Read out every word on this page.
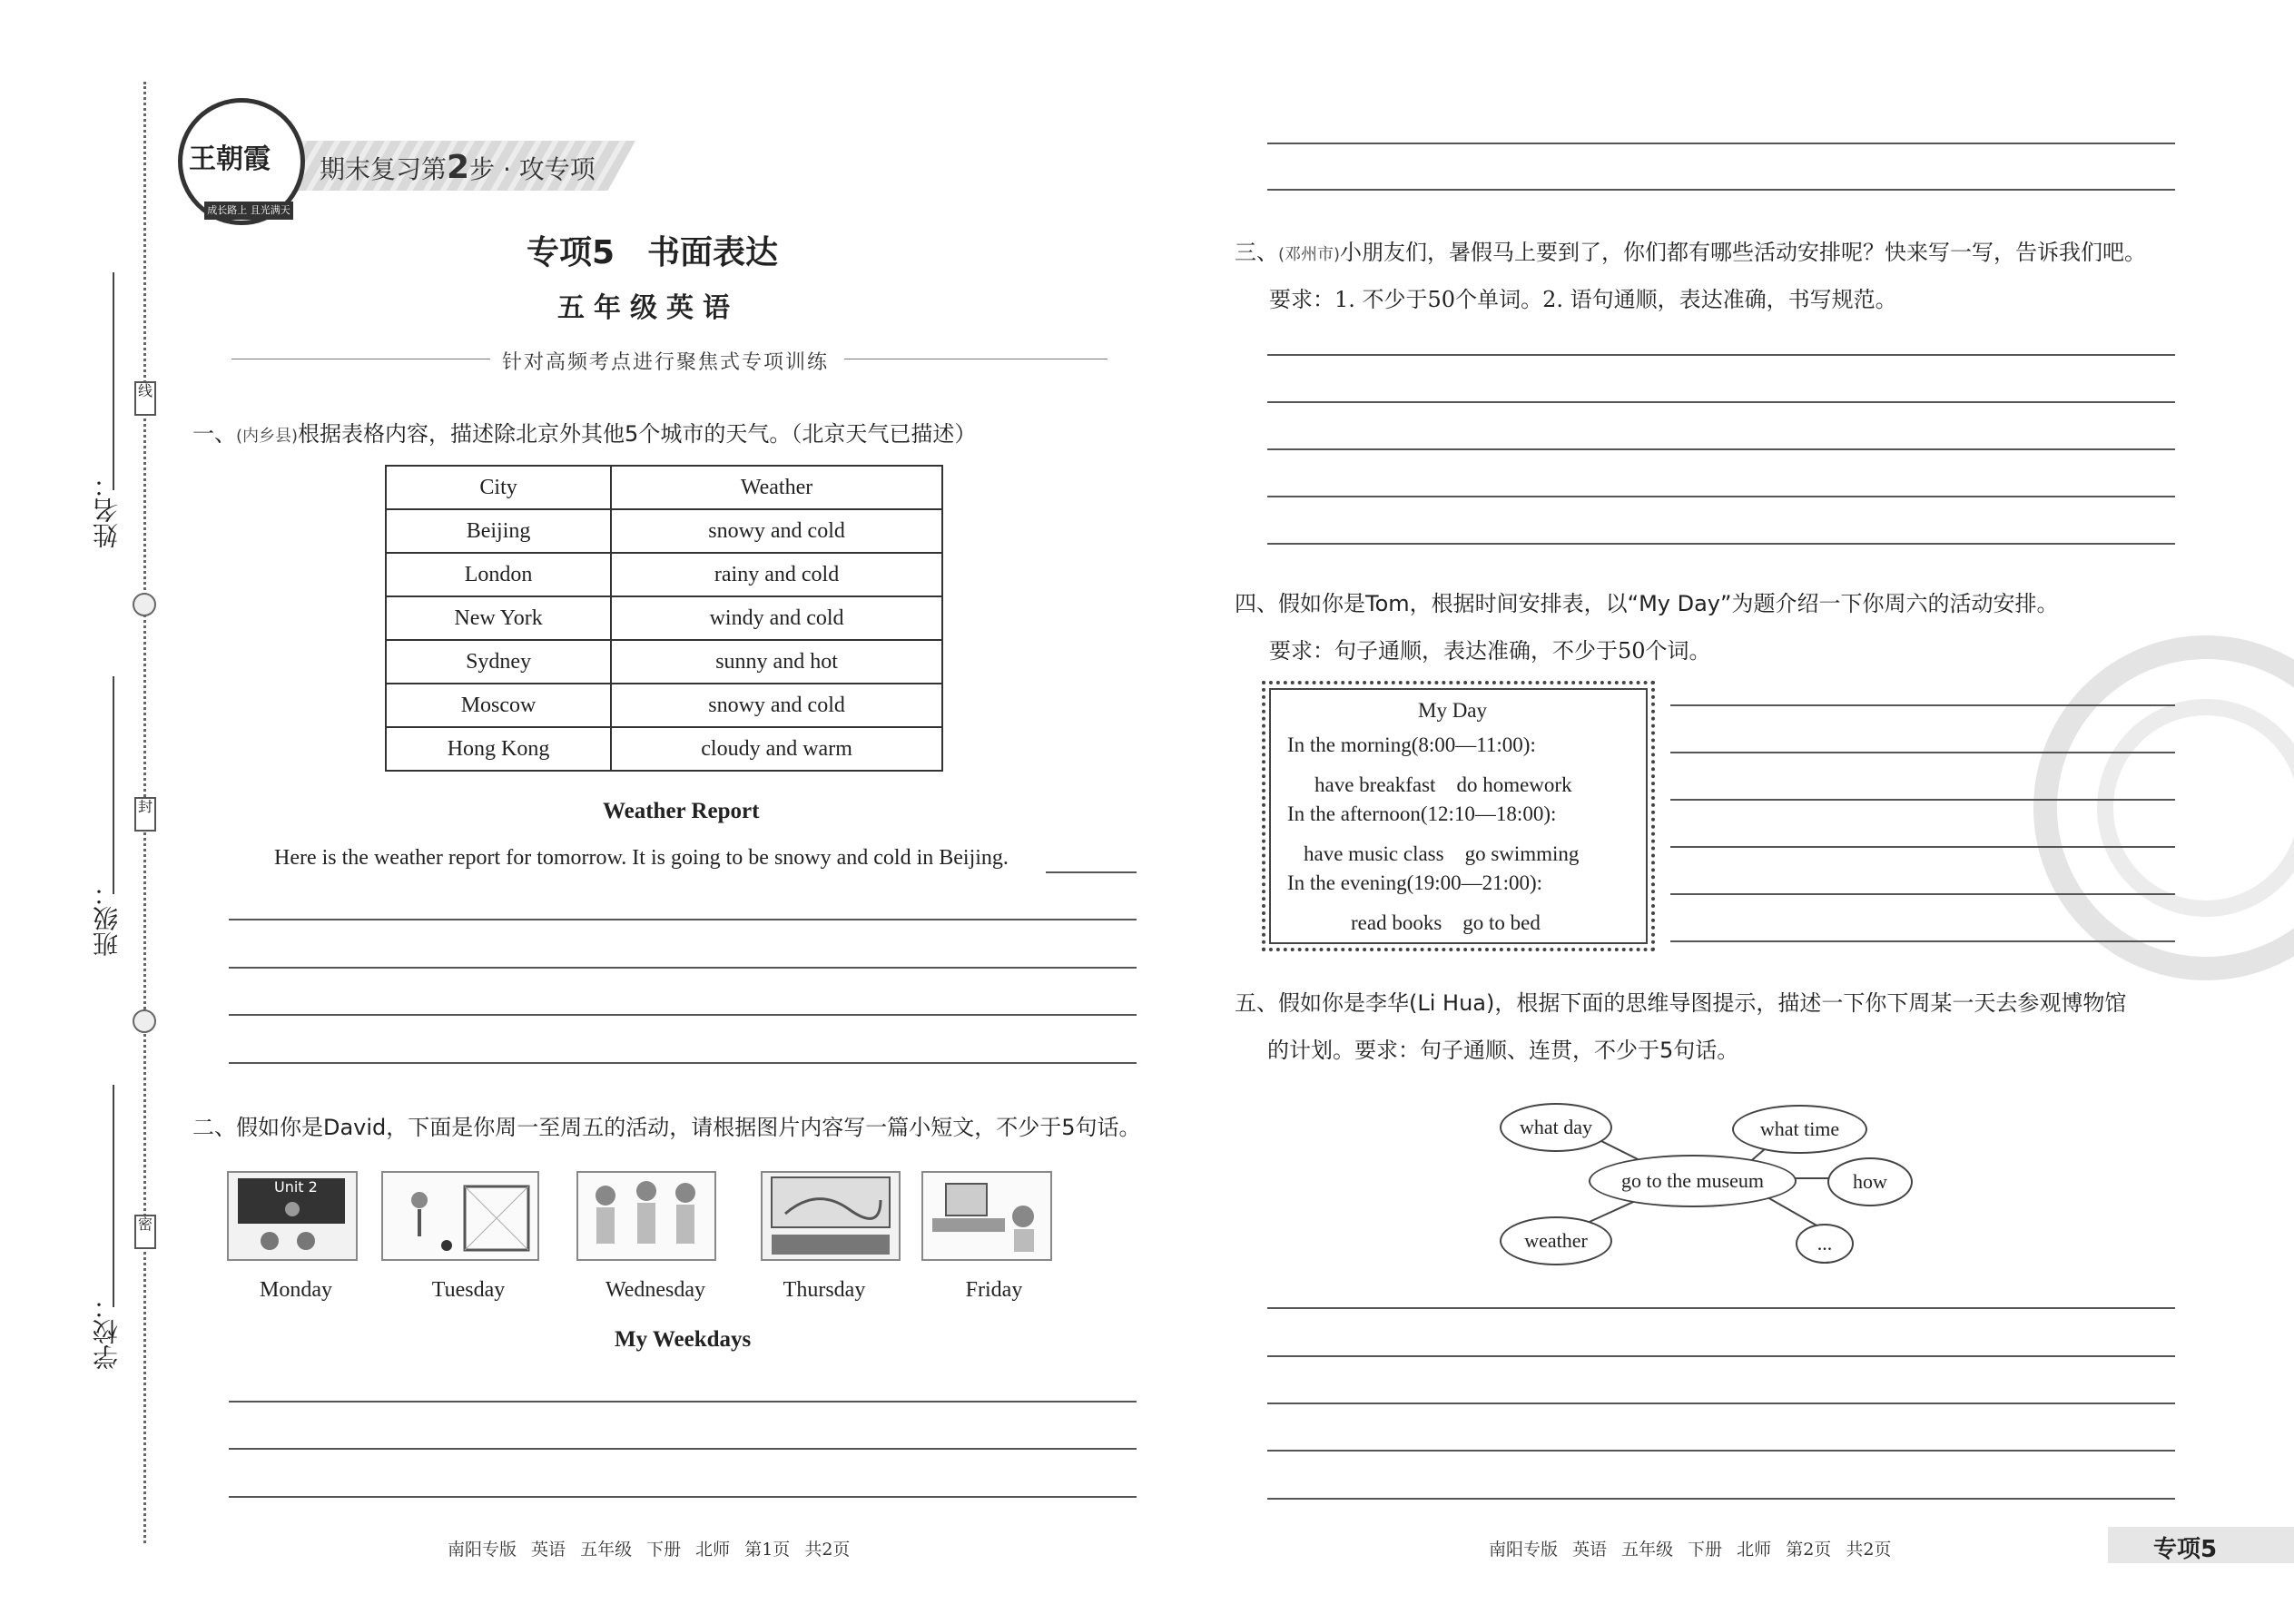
姓名：
班级：
学校：
线
封
密
期末复习第2步 · 攻专项
王朝霞
成长路上 且光满天
专项5　书面表达
五年级英语
针对高频考点进行聚焦式专项训练
一、(内乡县)根据表格内容，描述除北京外其他5个城市的天气。（北京天气已描述）
City	Weather
Beijing	snowy and cold
London	rainy and cold
New York	windy and cold
Sydney	sunny and hot
Moscow	snowy and cold
Hong Kong	cloudy and warm
Weather Report
Here is the weather report for tomorrow. It is going to be snowy and cold in Beijing.
二、假如你是David，下面是你周一至周五的活动，请根据图片内容写一篇小短文，不少于5句话。
Unit 2
Monday	Tuesday	Wednesday	Thursday	Friday
My Weekdays
南阳专版 英语 五年级 下册 北师 第1页 共2页
三、(邓州市)小朋友们，暑假马上要到了，你们都有哪些活动安排呢？快来写一写，告诉我们吧。
要求：1. 不少于50个单词。2. 语句通顺，表达准确，书写规范。
四、假如你是Tom，根据时间安排表，以“My Day”为题介绍一下你周六的活动安排。
要求：句子通顺，表达准确，不少于50个词。
My Day
In the morning(8:00—11:00):
have breakfast　do homework
In the afternoon(12:10—18:00):
have music class　go swimming
In the evening(19:00—21:00):
read books　go to bed
五、假如你是李华(Li Hua)，根据下面的思维导图提示，描述一下你下周某一天去参观博物馆
的计划。要求：句子通顺、连贯，不少于5句话。
what day	what time
go to the museum	how
weather	...
南阳专版 英语 五年级 下册 北师 第2页 共2页	专项5
